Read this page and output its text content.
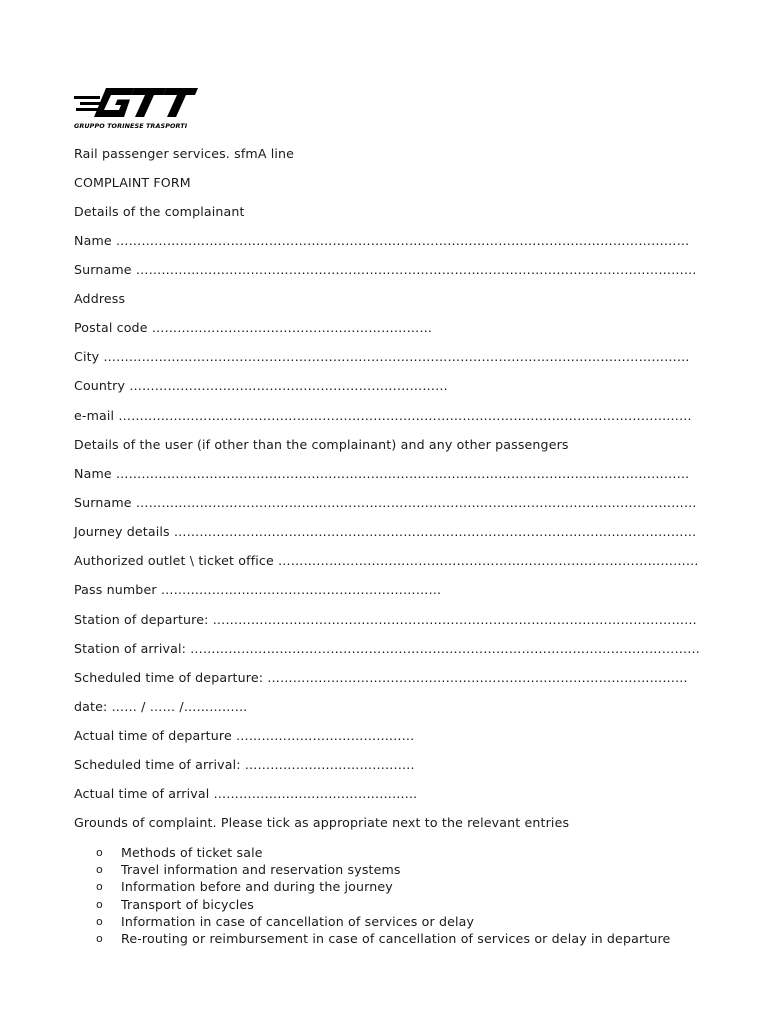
GTT
GRUPPO TORINESE TRASPORTI
Rail passenger services. sfmA line
COMPLAINT FORM
Details of the complainant
Name ………………………………………………………………………………………………………………………
Surname ……………………………………………………………………………………………………………………
Address
Postal code …………………………………………………………
City …………………………………………………………………………………………………………………………
Country …………………………………………………………………
e-mail ………………………………………………………………………………………………………………………
Details of the user (if other than the complainant) and any other passengers
Name ………………………………………………………………………………………………………………………
Surname ……………………………………………………………………………………………………………………
Journey details ……………………………………………………………………………………………………………
Authorized outlet \ ticket office ………………………………………………………………………………………
Pass number …………………………………………………………
Station of departure: ……………………………………………………………………………………………………
Station of arrival: …………………………………………………………………………………………………………
Scheduled time of departure: ………………………………………………………………………………………
date: …… / …… /……………
Actual time of departure ……………………………………
Scheduled time of arrival: ………………………………….
Actual time of arrival …………………………………………
Grounds of complaint. Please tick as appropriate next to the relevant entries
o Methods of ticket sale
o Travel information and reservation systems
o Information before and during the journey
o Transport of bicycles
o Information in case of cancellation of services or delay
o Re-routing or reimbursement in case of cancellation of services or delay in departure
